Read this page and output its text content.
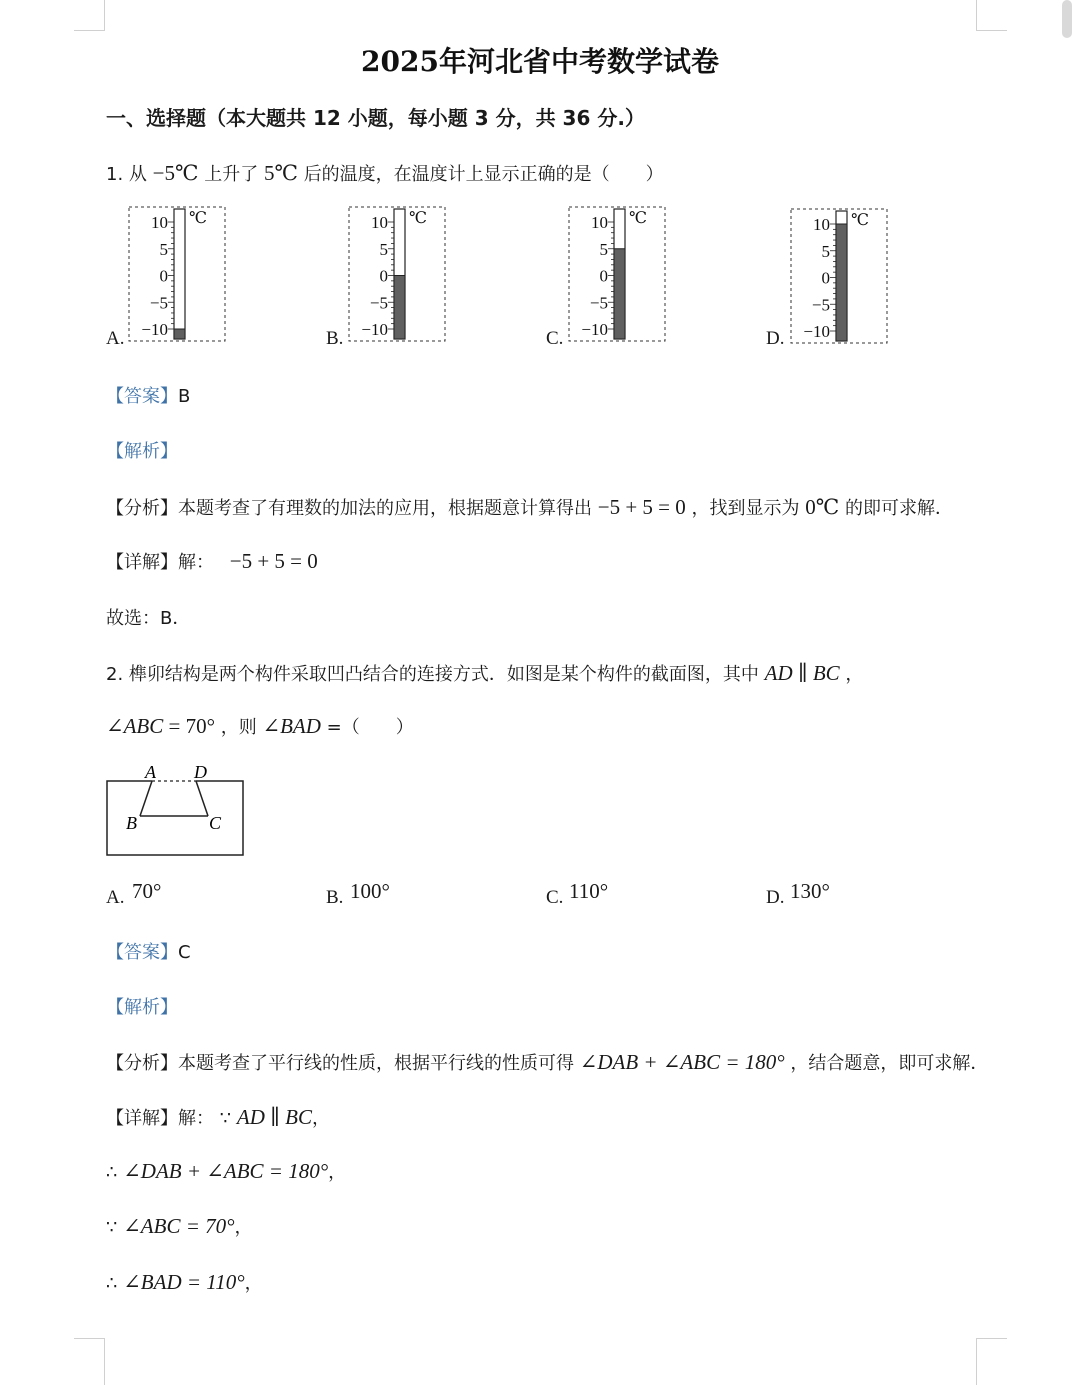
2025年河北省中考数学试卷
一、选择题（本大题共 12 小题，每小题 3 分，共 36 分.）
1. 从 −5℃ 上升了 5℃ 后的温度，在温度计上显示正确的是（　　）
A.
10
5
0
−5
−10
℃
B.
10
5
0
−5
−10
℃
C.
10
5
0
−5
−10
℃
D.
10
5
0
−5
−10
℃
【答案】B
【解析】
【分析】本题考查了有理数的加法的应用，根据题意计算得出 −5 + 5 = 0 ，找到显示为 0℃ 的即可求解．
【详解】解： −5 + 5 = 0
故选：B．
2. 榫卯结构是两个构件采取凹凸结合的连接方式．如图是某个构件的截面图，其中 AD ∥ BC ，
∠ABC = 70° ，则 ∠BAD =（　　）
A D
B	C
A. 70°	B. 100°	C. 110°	D. 130°
【答案】C
【解析】
【分析】本题考查了平行线的性质，根据平行线的性质可得 ∠DAB + ∠ABC = 180° ，结合题意，即可求解．
【详解】解： ∵ AD ∥ BC，
∴ ∠DAB + ∠ABC = 180°，
∵ ∠ABC = 70°，
∴ ∠BAD = 110°，
